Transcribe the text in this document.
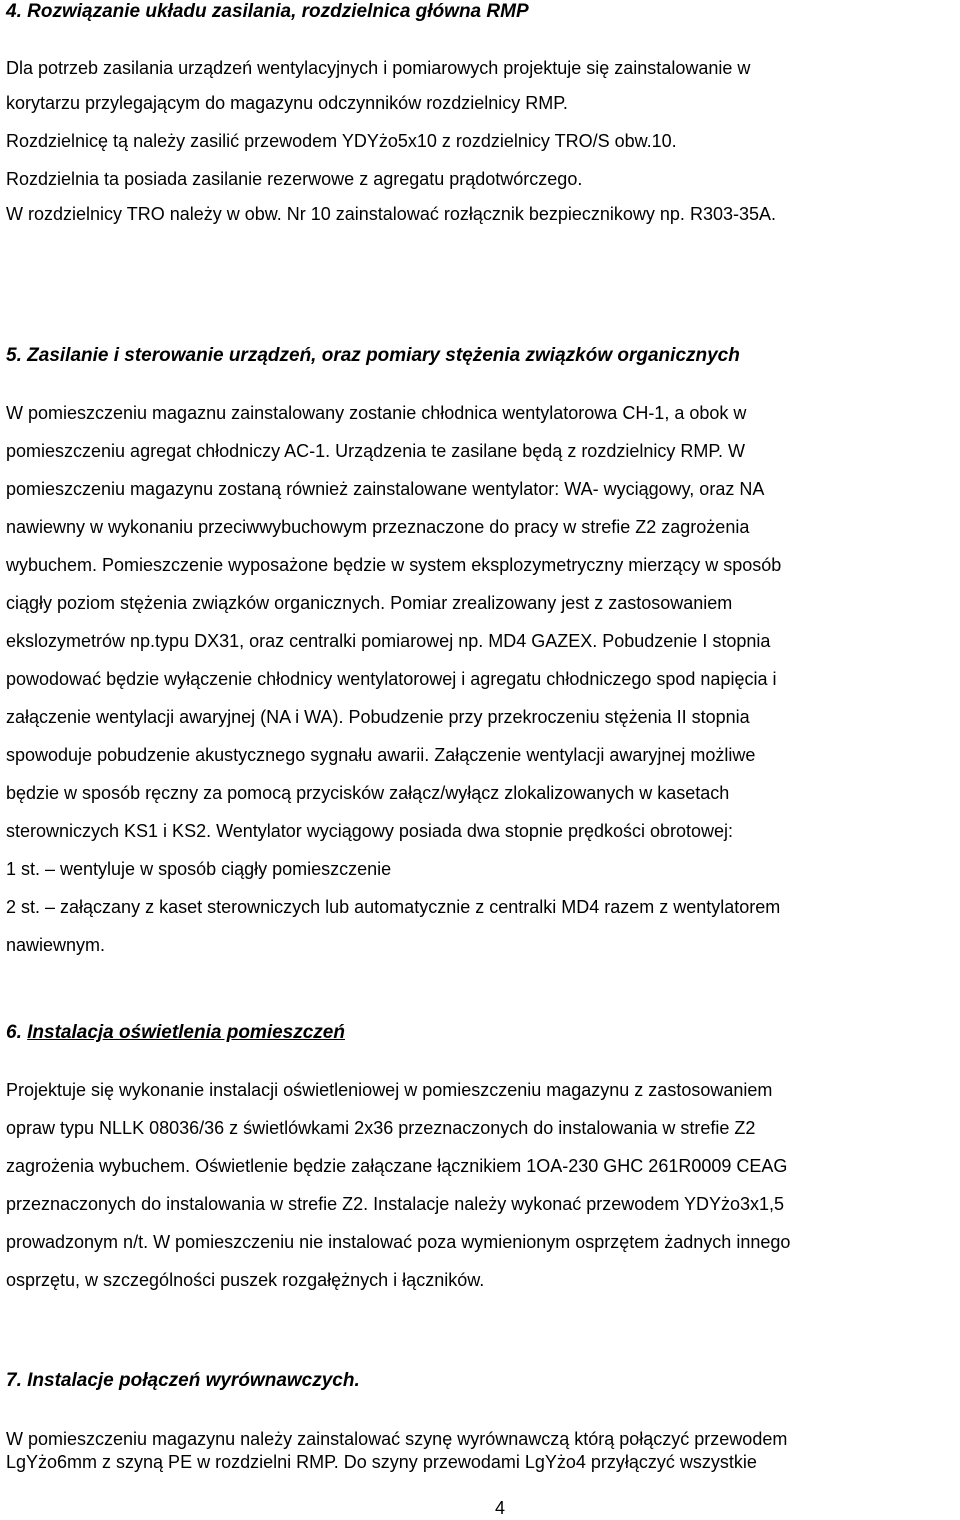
4. Rozwiązanie układu zasilania, rozdzielnica główna RMP

Dla potrzeb zasilania urządzeń wentylacyjnych i pomiarowych projektuje się zainstalowanie w

korytarzu przylegającym do magazynu odczynników rozdzielnicy RMP.

Rozdzielnicę tą należy zasilić przewodem YDYżo5x10 z rozdzielnicy TRO/S obw.10.

Rozdzielnia ta posiada zasilanie rezerwowe z agregatu prądotwórczego.

W rozdzielnicy TRO należy w obw. Nr 10 zainstalować rozłącznik bezpiecznikowy np. R303-35A.

5. Zasilanie i sterowanie urządzeń, oraz pomiary stężenia związków organicznych

W pomieszczeniu magaznu zainstalowany zostanie chłodnica wentylatorowa CH-1, a obok w

pomieszczeniu agregat chłodniczy AC-1. Urządzenia te zasilane będą z rozdzielnicy RMP. W

pomieszczeniu magazynu zostaną również zainstalowane wentylator: WA- wyciągowy, oraz NA

nawiewny w wykonaniu przeciwwybuchowym przeznaczone do pracy w strefie Z2 zagrożenia

wybuchem. Pomieszczenie wyposażone będzie w system eksplozymetryczny mierzący w sposób

ciągły poziom stężenia związków organicznych. Pomiar zrealizowany jest z zastosowaniem

ekslozymetrów np.typu DX31, oraz centralki pomiarowej np. MD4 GAZEX. Pobudzenie I stopnia

powodować będzie wyłączenie chłodnicy wentylatorowej i agregatu chłodniczego spod napięcia i

załączenie wentylacji awaryjnej (NA i WA). Pobudzenie przy przekroczeniu stężenia II stopnia

spowoduje pobudzenie akustycznego sygnału awarii. Załączenie wentylacji awaryjnej możliwe

będzie w sposób ręczny za pomocą przycisków załącz/wyłącz zlokalizowanych w kasetach

sterowniczych KS1 i KS2. Wentylator wyciągowy posiada dwa stopnie prędkości obrotowej:

1 st. – wentyluje w sposób ciągły pomieszczenie

2 st. – załączany z kaset sterowniczych lub automatycznie z centralki MD4 razem z wentylatorem

nawiewnym.

6. Instalacja oświetlenia pomieszczeń

Projektuje się wykonanie instalacji oświetleniowej w pomieszczeniu magazynu z zastosowaniem

opraw typu NLLK 08036/36 z świetlówkami 2x36 przeznaczonych do instalowania w strefie Z2

zagrożenia wybuchem. Oświetlenie będzie załączane łącznikiem 1OA-230 GHC 261R0009 CEAG

przeznaczonych do instalowania w strefie Z2. Instalacje należy wykonać przewodem YDYżo3x1,5

prowadzonym n/t. W pomieszczeniu nie instalować poza wymienionym osprzętem żadnych innego

osprzętu, w szczególności puszek rozgałężnych i łączników.

7. Instalacje połączeń wyrównawczych.

W pomieszczeniu magazynu należy zainstalować szynę wyrównawczą którą połączyć przewodem

LgYżo6mm z szyną PE w rozdzielni RMP. Do szyny przewodami LgYżo4 przyłączyć wszystkie

4
